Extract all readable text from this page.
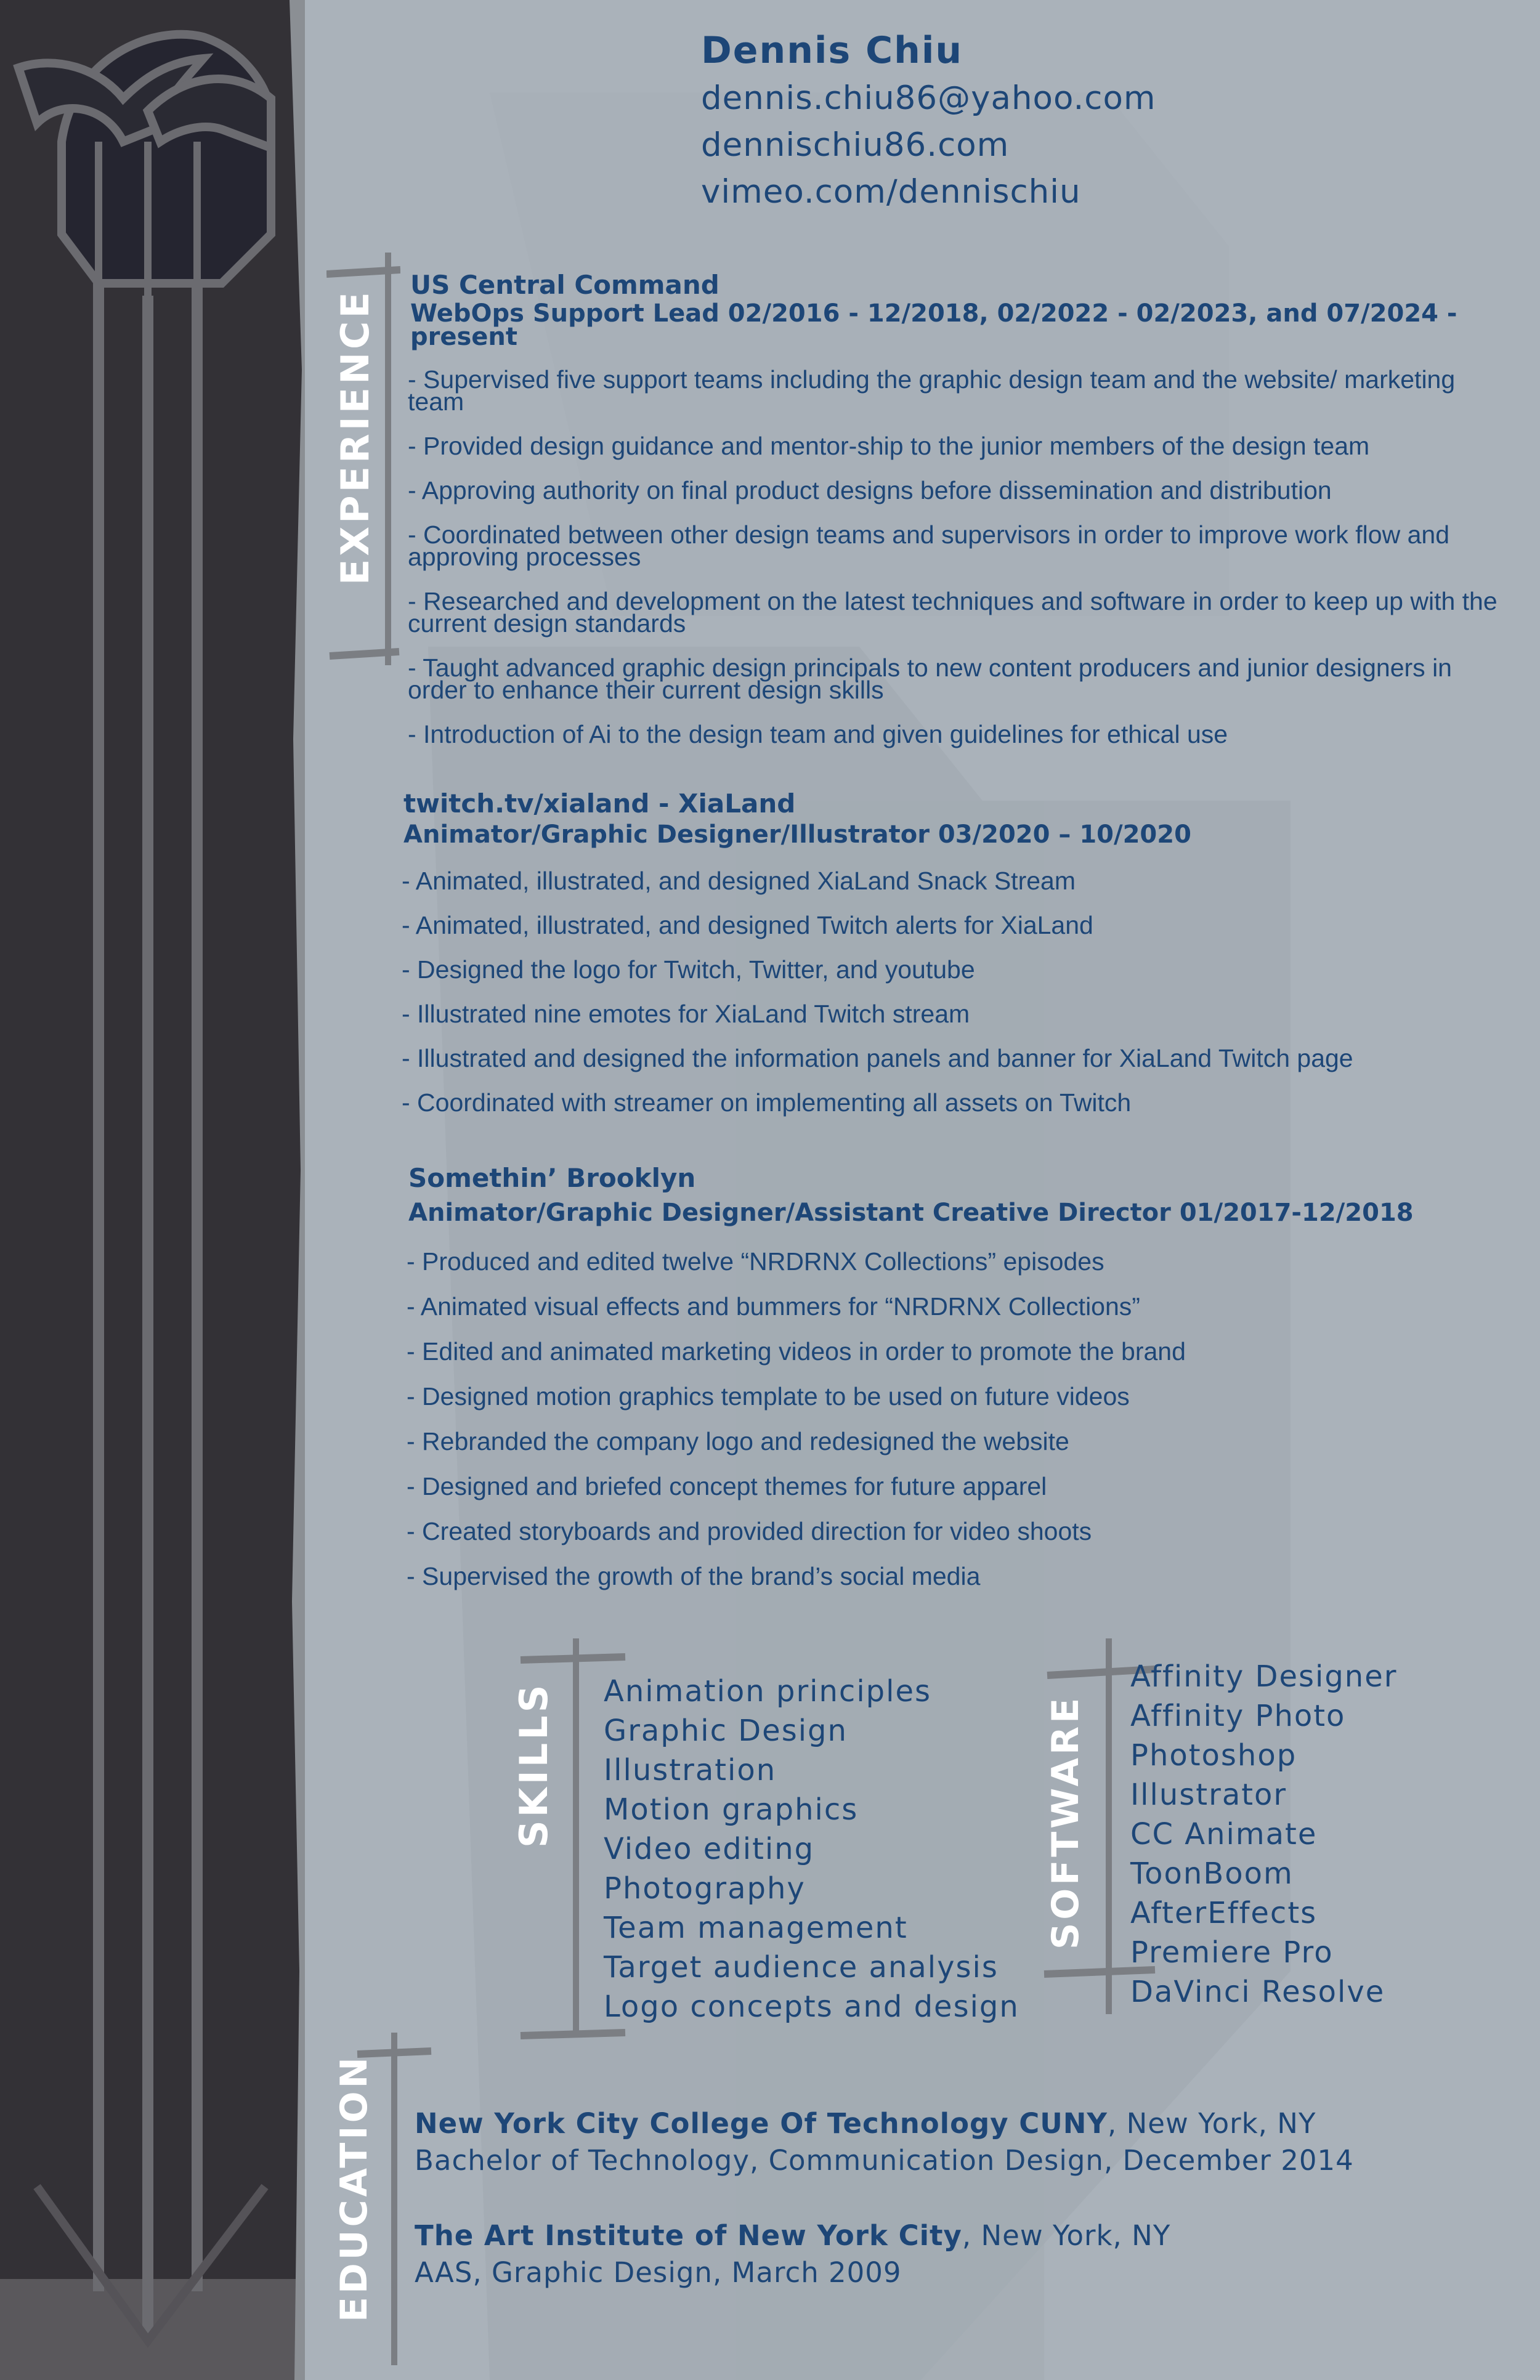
Dennis Chiu
dennis.chiu86@yahoo.com
dennischiu86.com
vimeo.com/dennischiu
EXPERIENCE
SKILLS	SOFTWARE
EDUCATION
US Central Command
WebOps Support Lead 02/2016 - 12/2018, 02/2022 - 02/2023, and 07/2024 - present
- Supervised five support teams including the graphic design team and the website/ marketing team
- Provided design guidance and mentor-ship to the junior members of the design team
- Approving authority on final product designs before dissemination and distribution
- Coordinated between other design teams and supervisors in order to improve work flow and approving processes
- Researched and development on the latest techniques and software in order to keep up with the current design standards
- Taught advanced graphic design principals to new content producers and junior designers in order to enhance their current design skills
- Introduction of Ai to the design team and given guidelines for ethical use
twitch.tv/xialand - XiaLand
Animator/Graphic Designer/Illustrator 03/2020 – 10/2020
- Animated, illustrated, and designed XiaLand Snack Stream
- Animated, illustrated, and designed Twitch alerts for XiaLand
- Designed the logo for Twitch, Twitter, and youtube
- Illustrated nine emotes for XiaLand Twitch stream
- Illustrated and designed the information panels and banner for XiaLand Twitch page
- Coordinated with streamer on implementing all assets on Twitch
Somethin’ Brooklyn
Animator/Graphic Designer/Assistant Creative Director 01/2017-12/2018
- Produced and edited twelve “NRDRNX Collections” episodes
- Animated visual effects and bummers for “NRDRNX Collections”
- Edited and animated marketing videos in order to promote the brand
- Designed motion graphics template to be used on future videos
- Rebranded the company logo and redesigned the website
- Designed and briefed concept themes for future apparel
- Created storyboards and provided direction for video shoots
- Supervised the growth of the brand’s social media
Animation principles
Graphic Design
Illustration
Motion graphics
Video editing
Photography
Team management
Target audience analysis
Logo concepts and design
Affinity Designer
Affinity Photo
Photoshop
Illustrator
CC Animate
ToonBoom
AfterEffects
Premiere Pro
DaVinci Resolve
New York City College Of Technology CUNY, New York, NY
Bachelor of Technology, Communication Design, December 2014
The Art Institute of New York City, New York, NY
AAS, Graphic Design, March 2009
